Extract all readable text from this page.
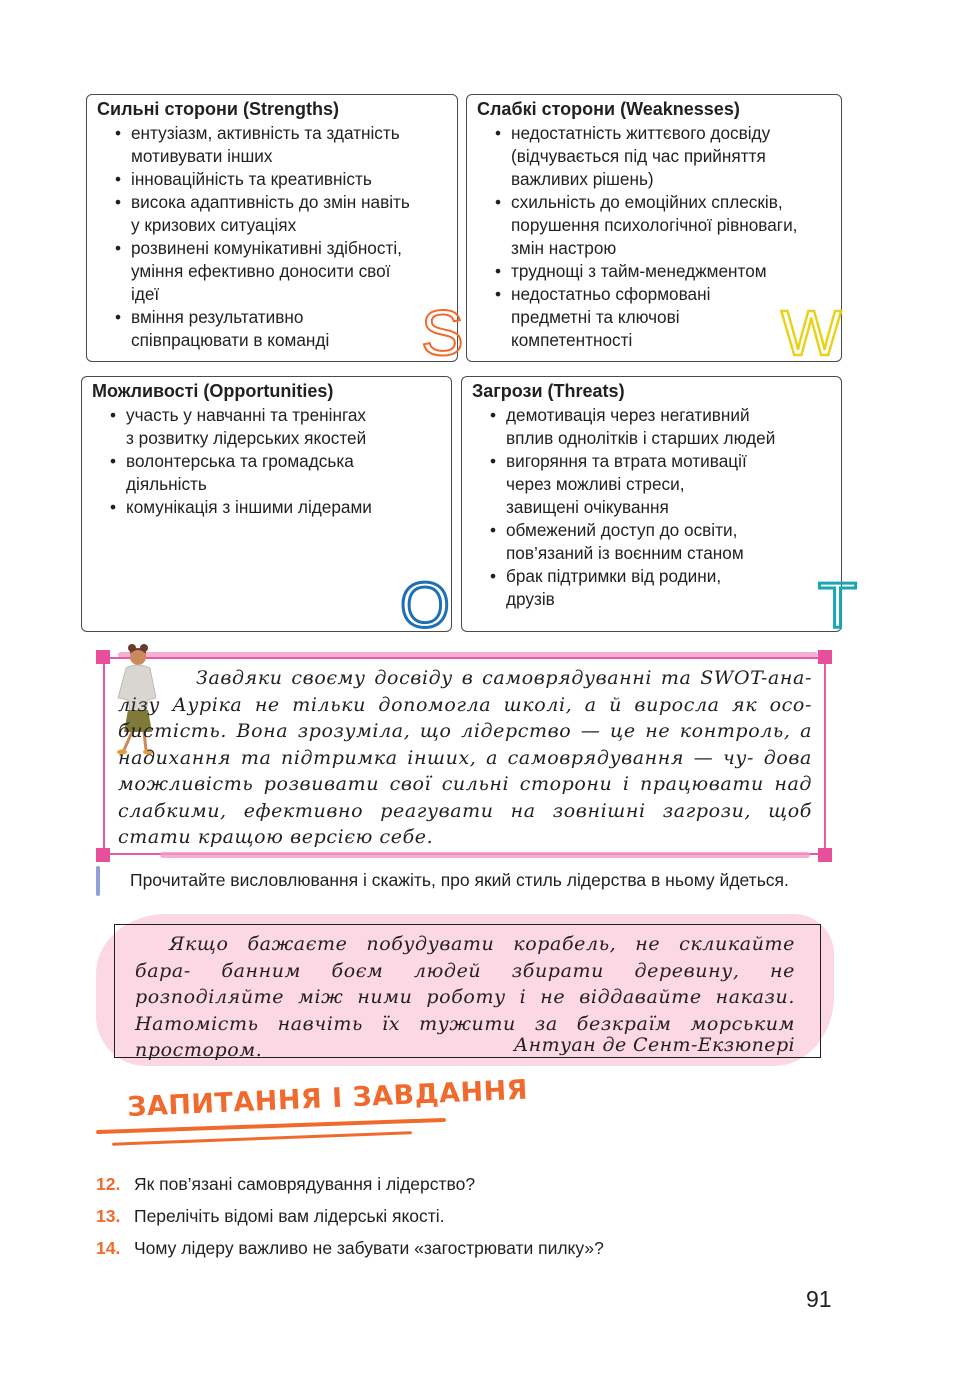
Сильні сторони (Strengths)
• ентузіазм, активність та здатність
мотивувати інших
• інноваційність та креативність
• висока адаптивність до змін навіть
у кризових ситуаціях
• розвинені комунікативні здібності,
уміння ефективно доносити свої
ідеї
• вміння результативно
співпрацювати в команді	S
Слабкі сторони (Weaknesses)
• недостатність життєвого досвіду
(відчувається під час прийняття
важливих рішень)
• схильність до емоційних сплесків,
порушення психологічної рівноваги,
змін настрою
• труднощі з тайм-менеджментом
• недостатньо сформовані
предметні та ключові
компетентності	W
Можливості (Opportunities)
• участь у навчанні та тренінгах
з розвитку лідерських якостей
• волонтерська та громадська
діяльність
• комунікація з іншими лідерами
O
Загрози (Threats)
• демотивація через негативний
вплив однолітків і старших людей
• вигоряння та втрата мотивації
через можливі стреси,
завищені очікування
• обмежений доступ до освіти,
пов’язаний із воєнним станом
• брак підтримки від родини,
друзів	T
Завдяки своєму досвіду в самоврядуванні та SWOT-ана- лізу Ауріка не тільки допомогла школі, а й виросла як осо- бистість. Вона зрозуміла, що лідерство — це не контроль, а надихання та підтримка інших, а самоврядування — чу- дова можливість розвивати свої сильні сторони і працювати над слабкими, ефективно реагувати на зовнішні загрози, щоб стати кращою версією себе.
Прочитайте висловлювання і скажіть, про який стиль лідерства в ньому йдеться.
Якщо бажаєте побудувати корабель, не скликайте бара- банним боєм людей збирати деревину, не розподіляйте між ними роботу і не віддавайте накази. Натомість навчіть їх тужити за безкраїм морським простором.	Антуан де Сент-Екзюпері
ЗАПИТАННЯ І ЗАВДАННЯ
12. Як пов’язані самоврядування і лідерство?
13. Перелічіть відомі вам лідерські якості.
14. Чому лідеру важливо не забувати «загострювати пилку»?
91
